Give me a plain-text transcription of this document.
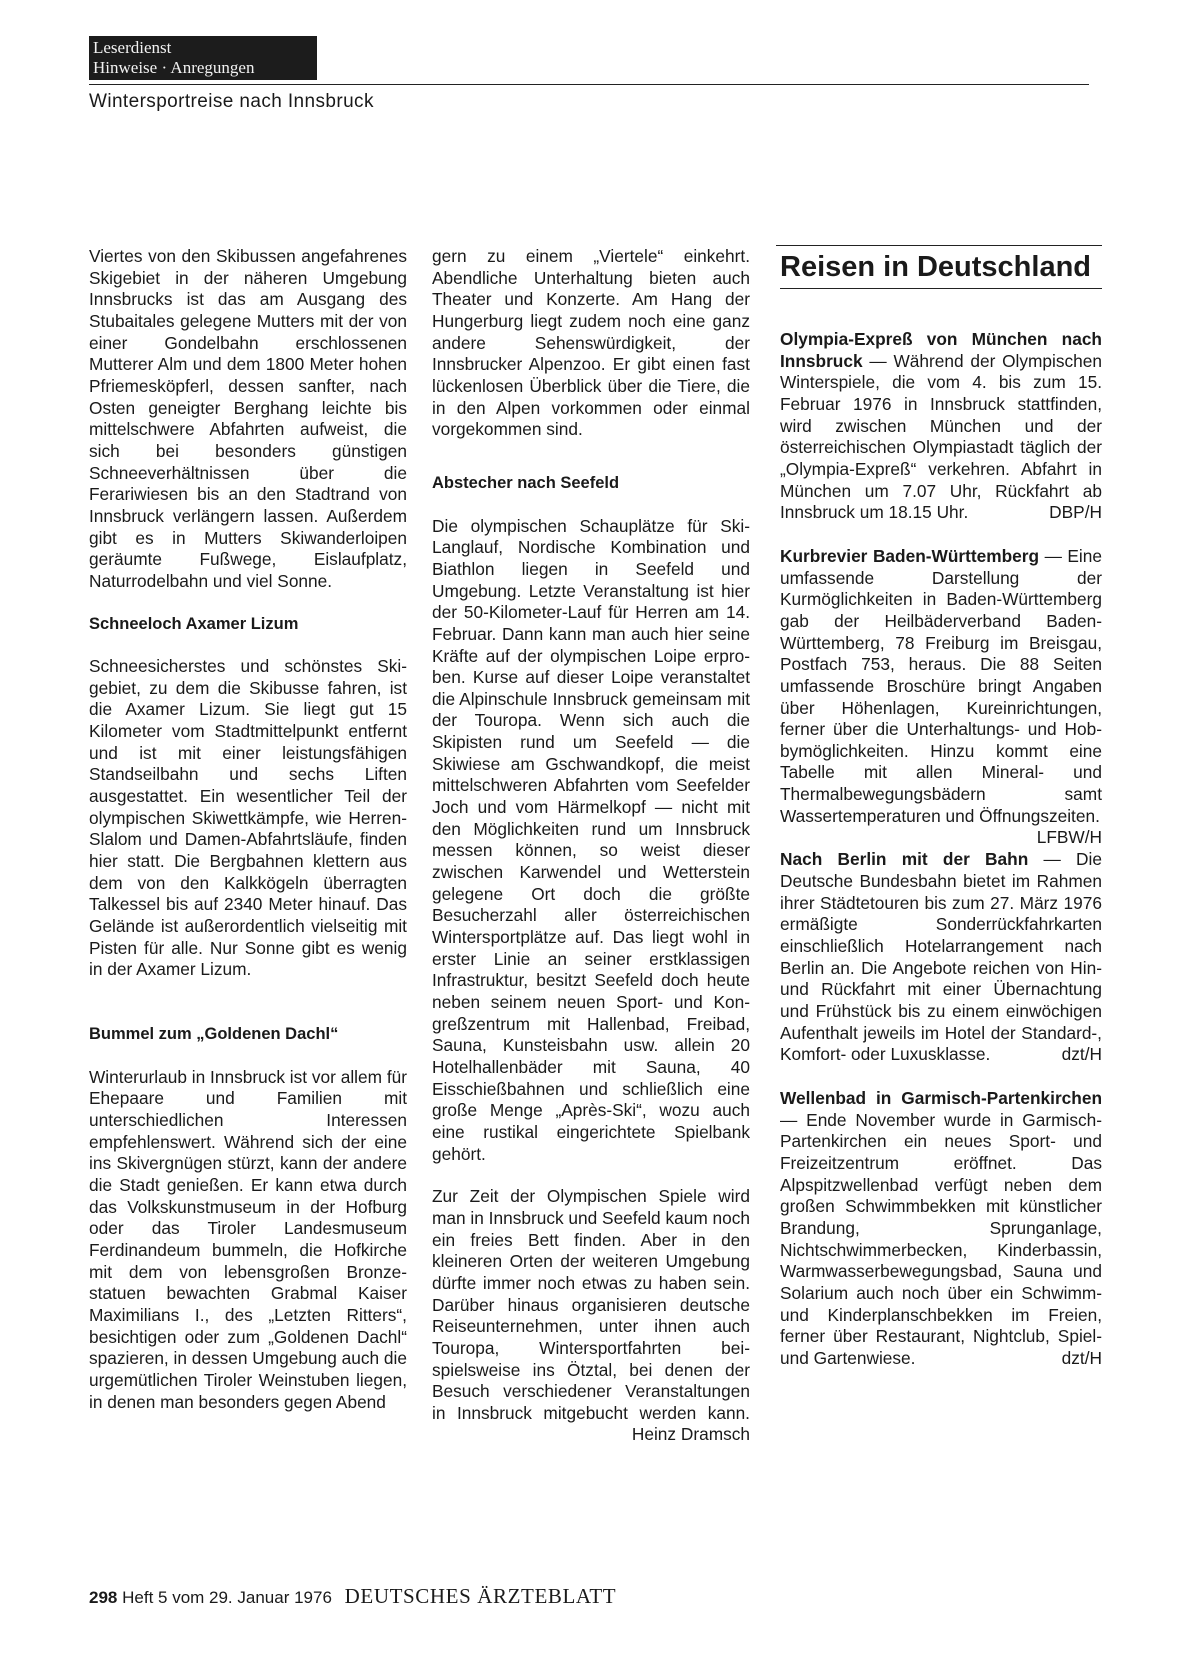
Leserdienst
Hinweise · Anregungen
Wintersportreise nach Innsbruck

Viertes von den Skibussen angefahrenes Skigebiet in der näheren Umgebung Innsbrucks ist das am Ausgang des Stubaitales gelegene Mutters mit der von einer Gondelbahn erschlossenen Mutterer Alm und dem 1800 Meter hohen Pfriemesköpferl, dessen sanfter, nach Osten geneigter Berghang leichte bis mittelschwere Abfahrten aufweist, die sich bei besonders günstigen Schneeverhältnissen über die Ferariwiesen bis an den Stadtrand von Innsbruck verlängern lassen. Außerdem gibt es in Mutters Skiwanderloipen geräumte Fußwege, Eislaufplatz, Naturrodelbahn und viel Sonne.

Schneeloch Axamer Lizum

Schneesicherstes und schönstes Skigebiet, zu dem die Skibusse fahren, ist die Axamer Lizum. Sie liegt gut 15 Kilometer vom Stadtmittelpunkt entfernt und ist mit einer leistungsfähigen Standseilbahn und sechs Liften ausgestattet. Ein wesentlicher Teil der olympischen Skiwettkämpfe, wie Herren-Slalom und Damen-Abfahrtsläufe, finden hier statt. Die Bergbahnen klettern aus dem von den Kalkkögeln überragten Talkessel bis auf 2340 Meter hinauf. Das Gelände ist außerordentlich vielseitig mit Pisten für alle. Nur Sonne gibt es wenig in der Axamer Lizum.

Bummel zum „Goldenen Dachl“

Winterurlaub in Innsbruck ist vor allem für Ehepaare und Familien mit unterschiedlichen Interessen empfehlenswert. Während sich der eine ins Skivergnügen stürzt, kann der andere die Stadt genießen. Er kann etwa durch das Volkskunstmuseum in der Hofburg oder das Tiroler Landesmuseum Ferdinandeum bummeln, die Hofkirche mit dem von lebensgroßen Bronzestatuen bewachten Grabmal Kaiser Maximilians I., des „Letzten Ritters“, besichtigen oder zum „Goldenen Dachl“ spazieren, in dessen Umgebung auch die urgemütlichen Tiroler Weinstuben liegen, in denen man besonders gegen Abend

gern zu einem „Viertele“ einkehrt. Abendliche Unterhaltung bieten auch Theater und Konzerte. Am Hang der Hungerburg liegt zudem noch eine ganz andere Sehenswürdigkeit, der Innsbrucker Alpenzoo. Er gibt einen fast lückenlosen Überblick über die Tiere, die in den Alpen vorkommen oder einmal vorgekommen sind.

Abstecher nach Seefeld

Die olympischen Schauplätze für Ski-Langlauf, Nordische Kombination und Biathlon liegen in Seefeld und Umgebung. Letzte Veranstaltung ist hier der 50-Kilometer-Lauf für Herren am 14. Februar. Dann kann man auch hier seine Kräfte auf der olympischen Loipe erproben. Kurse auf dieser Loipe veranstaltet die Alpinschule Innsbruck gemeinsam mit der Touropa. Wenn sich auch die Skipisten rund um Seefeld — die Skiwiese am Gschwandkopf, die meist mittelschweren Abfahrten vom Seefelder Joch und vom Härmelkopf — nicht mit den Möglichkeiten rund um Innsbruck messen können, so weist dieser zwischen Karwendel und Wetterstein gelegene Ort doch die größte Besucherzahl aller österreichischen Wintersportplätze auf. Das liegt wohl in erster Linie an seiner erstklassigen Infrastruktur, besitzt Seefeld doch heute neben seinem neuen Sport- und Kongreßzentrum mit Hallenbad, Freibad, Sauna, Kunsteisbahn usw. allein 20 Hotelhallenbäder mit Sauna, 40 Eisschießbahnen und schließlich eine große Menge „Après-Ski“, wozu auch eine rustikal eingerichtete Spielbank gehört.

Zur Zeit der Olympischen Spiele wird man in Innsbruck und Seefeld kaum noch ein freies Bett finden. Aber in den kleineren Orten der weiteren Umgebung dürfte immer noch etwas zu haben sein. Darüber hinaus organisieren deutsche Reiseunternehmen, unter ihnen auch Touropa, Wintersportfahrten beispielsweise ins Ötztal, bei denen der Besuch verschiedener Veranstaltungen in Innsbruck mitgebucht werden kann.
Heinz Dramsch

Reisen in Deutschland

Olympia-Expreß von München nach Innsbruck — Während der Olympischen Winterspiele, die vom 4. bis zum 15. Februar 1976 in Innsbruck stattfinden, wird zwischen München und der österreichischen Olympiastadt täglich der „Olympia-Expreß“ verkehren. Abfahrt in München um 7.07 Uhr, Rückfahrt ab Innsbruck um 18.15 Uhr.	DBP/H

Kurbrevier Baden-Württemberg — Eine umfassende Darstellung der Kurmöglichkeiten in Baden-Württemberg gab der Heilbäderverband Baden-Württemberg, 78 Freiburg im Breisgau, Postfach 753, heraus. Die 88 Seiten umfassende Broschüre bringt Angaben über Höhenlagen, Kureinrichtungen, ferner über die Unterhaltungs- und Hobbymöglichkeiten. Hinzu kommt eine Tabelle mit allen Mineral- und Thermalbewegungsbädern samt Wassertemperaturen und Öffnungszeiten.
LFBW/H

Nach Berlin mit der Bahn — Die Deutsche Bundesbahn bietet im Rahmen ihrer Städtetouren bis zum 27. März 1976 ermäßigte Sonderrückfahrkarten einschließlich Hotelarrangement nach Berlin an. Die Angebote reichen von Hin- und Rückfahrt mit einer Übernachtung und Frühstück bis zu einem einwöchigen Aufenthalt jeweils im Hotel der Standard-, Komfort- oder Luxusklasse.	dzt/H

Wellenbad in Garmisch-Partenkirchen — Ende November wurde in Garmisch-Partenkirchen ein neues Sport- und Freizeitzentrum eröffnet. Das Alpspitzwellenbad verfügt neben dem großen Schwimmbekken mit künstlicher Brandung, Sprunganlage, Nichtschwimmerbecken, Kinderbassin, Warmwasserbewegungsbad, Sauna und Solarium auch noch über ein Schwimm- und Kinderplanschbekken im Freien, ferner über Restaurant, Nightclub, Spiel- und Gartenwiese.	dzt/H

298 Heft 5 vom 29. Januar 1976 DEUTSCHES ÄRZTEBLATT
